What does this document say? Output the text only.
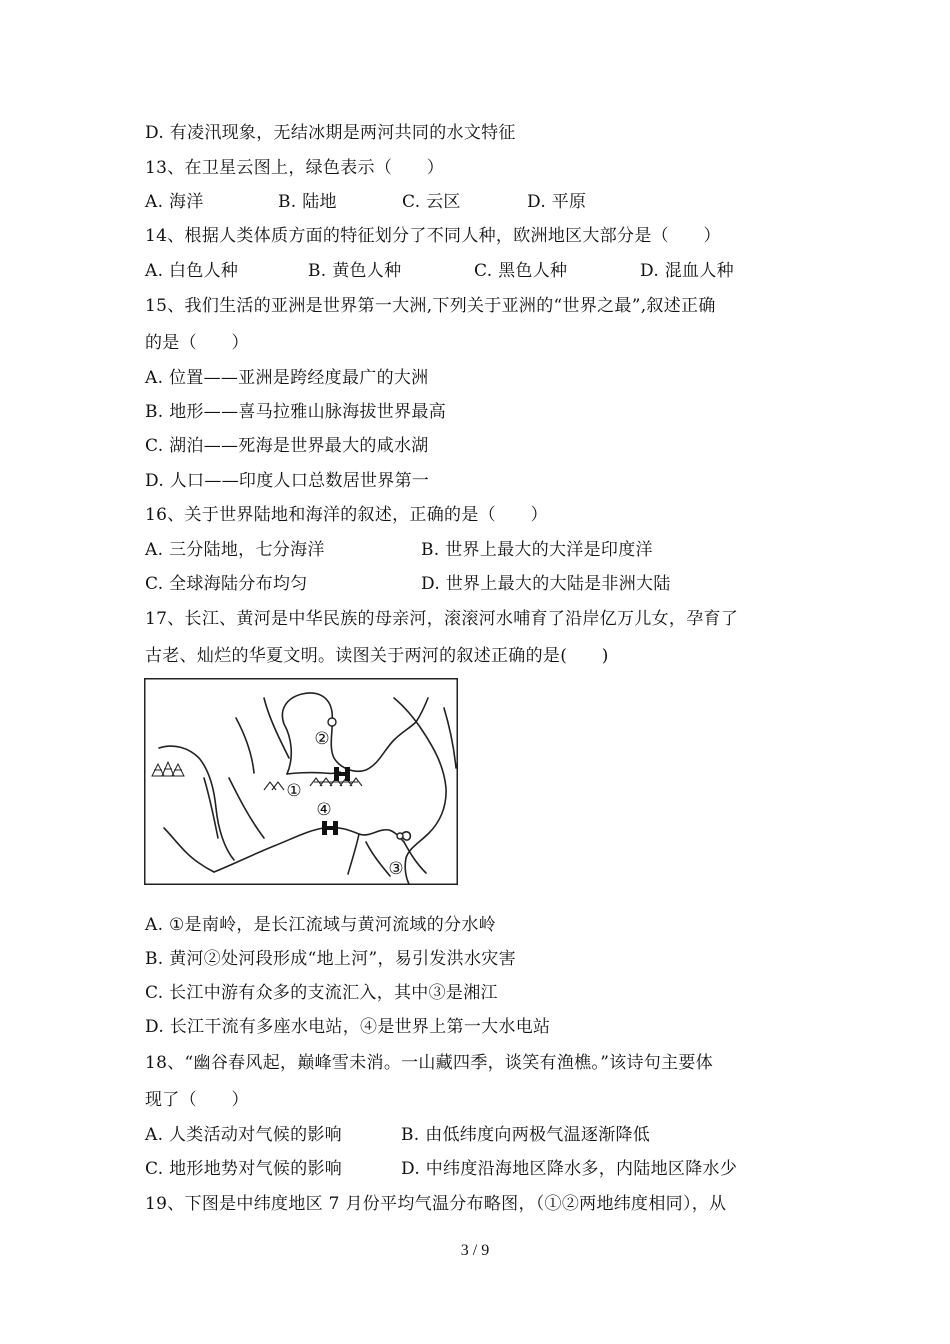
D. 有凌汛现象，无结冰期是两河共同的水文特征
13、在卫星云图上，绿色表示（　　）
A. 海洋	B. 陆地	C. 云区	D. 平原
14、根据人类体质方面的特征划分了不同人种，欧洲地区大部分是（　　）
A. 白色人种	B. 黄色人种	C. 黑色人种	D. 混血人种
15、我们生活的亚洲是世界第一大洲,下列关于亚洲的“世界之最”,叙述正确
的是（　　）
A. 位置——亚洲是跨经度最广的大洲
B. 地形——喜马拉雅山脉海拔世界最高
C. 湖泊——死海是世界最大的咸水湖
D. 人口——印度人口总数居世界第一
16、关于世界陆地和海洋的叙述，正确的是（　　）
A. 三分陆地，七分海洋	B. 世界上最大的大洋是印度洋
C. 全球海陆分布均匀	D. 世界上最大的大陆是非洲大陆
17、长江、黄河是中华民族的母亲河，滚滚河水哺育了沿岸亿万儿女，孕育了
古老、灿烂的华夏文明。读图关于两河的叙述正确的是(　　)
①
②
③
④
A. ①是南岭，是长江流域与黄河流域的分水岭
B. 黄河②处河段形成“地上河”，易引发洪水灾害
C. 长江中游有众多的支流汇入，其中③是湘江
D. 长江干流有多座水电站，④是世界上第一大水电站
18、“幽谷春风起，巅峰雪未消。一山藏四季，谈笑有渔樵。”该诗句主要体
现了（　　）
A. 人类活动对气候的影响	B. 由低纬度向两极气温逐渐降低
C. 地形地势对气候的影响	D. 中纬度沿海地区降水多，内陆地区降水少
19、下图是中纬度地区 7 月份平均气温分布略图，（①②两地纬度相同），从
3 / 9
